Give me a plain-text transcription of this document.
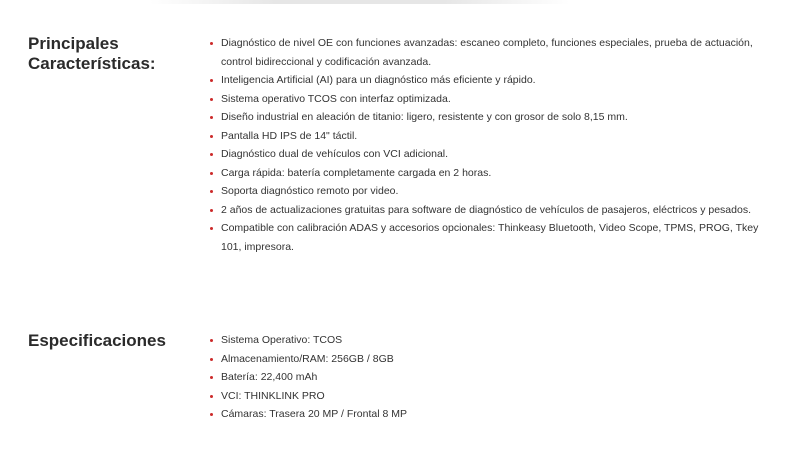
Principales
Características:
Diagnóstico de nivel OE con funciones avanzadas: escaneo completo, funciones especiales, prueba de actuación, control bidireccional y codificación avanzada.
Inteligencia Artificial (AI) para un diagnóstico más eficiente y rápido.
Sistema operativo TCOS con interfaz optimizada.
Diseño industrial en aleación de titanio: ligero, resistente y con grosor de solo 8,15 mm.
Pantalla HD IPS de 14" táctil.
Diagnóstico dual de vehículos con VCI adicional.
Carga rápida: batería completamente cargada en 2 horas.
Soporta diagnóstico remoto por video.
2 años de actualizaciones gratuitas para software de diagnóstico de vehículos de pasajeros, eléctricos y pesados.
Compatible con calibración ADAS y accesorios opcionales: Thinkeasy Bluetooth, Video Scope, TPMS, PROG, Tkey 101, impresora.
Especificaciones	Sistema Operativo: TCOS
Almacenamiento/RAM: 256GB / 8GB
Batería: 22,400 mAh
VCI: THINKLINK PRO
Cámaras: Trasera 20 MP / Frontal 8 MP
